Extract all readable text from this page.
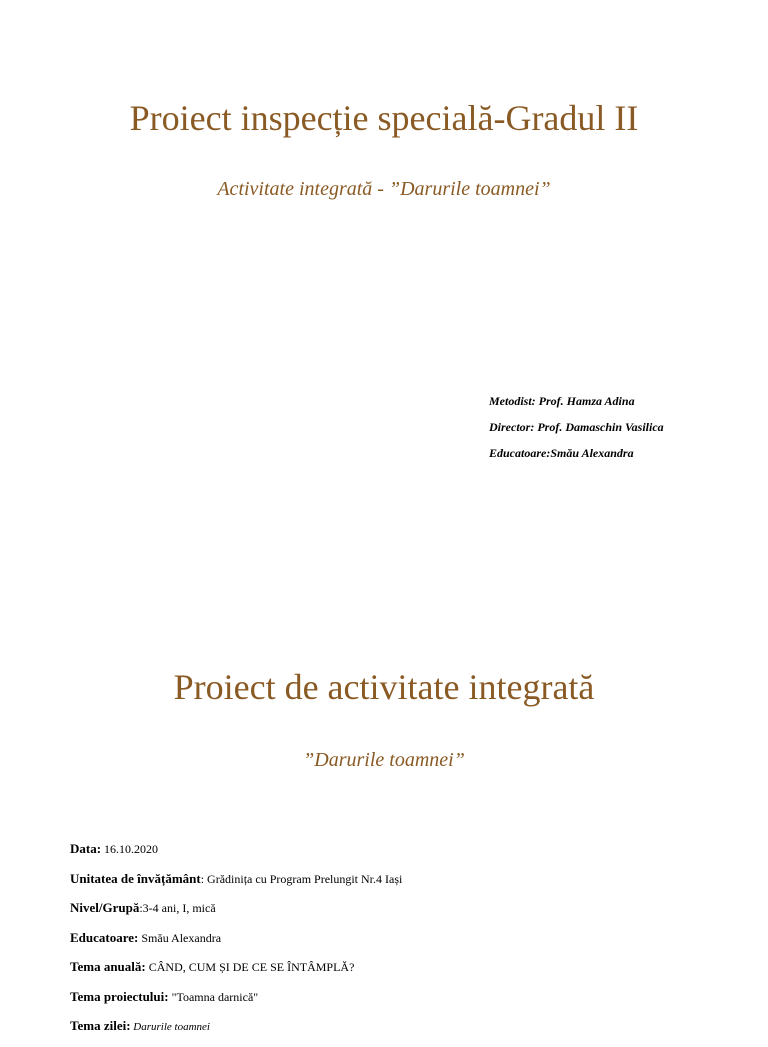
Proiect inspecție specială-Gradul II

Activitate integrată - ”Darurile toamnei”

Metodist: Prof. Hamza Adina
Director: Prof. Damaschin Vasilica
Educatoare:Smău Alexandra
Proiect de activitate integrată

”Darurile toamnei”

Data: 16.10.2020
Unitatea de învățământ: Grădinița cu Program Prelungit Nr.4 Iași
Nivel/Grupă:3-4 ani, I, mică
Educatoare: Smău Alexandra
Tema anuală: CÂND, CUM ȘI DE CE SE ÎNTÂMPLĂ?
Tema proiectului: "Toamna darnică"
Tema zilei: Darurile toamnei
